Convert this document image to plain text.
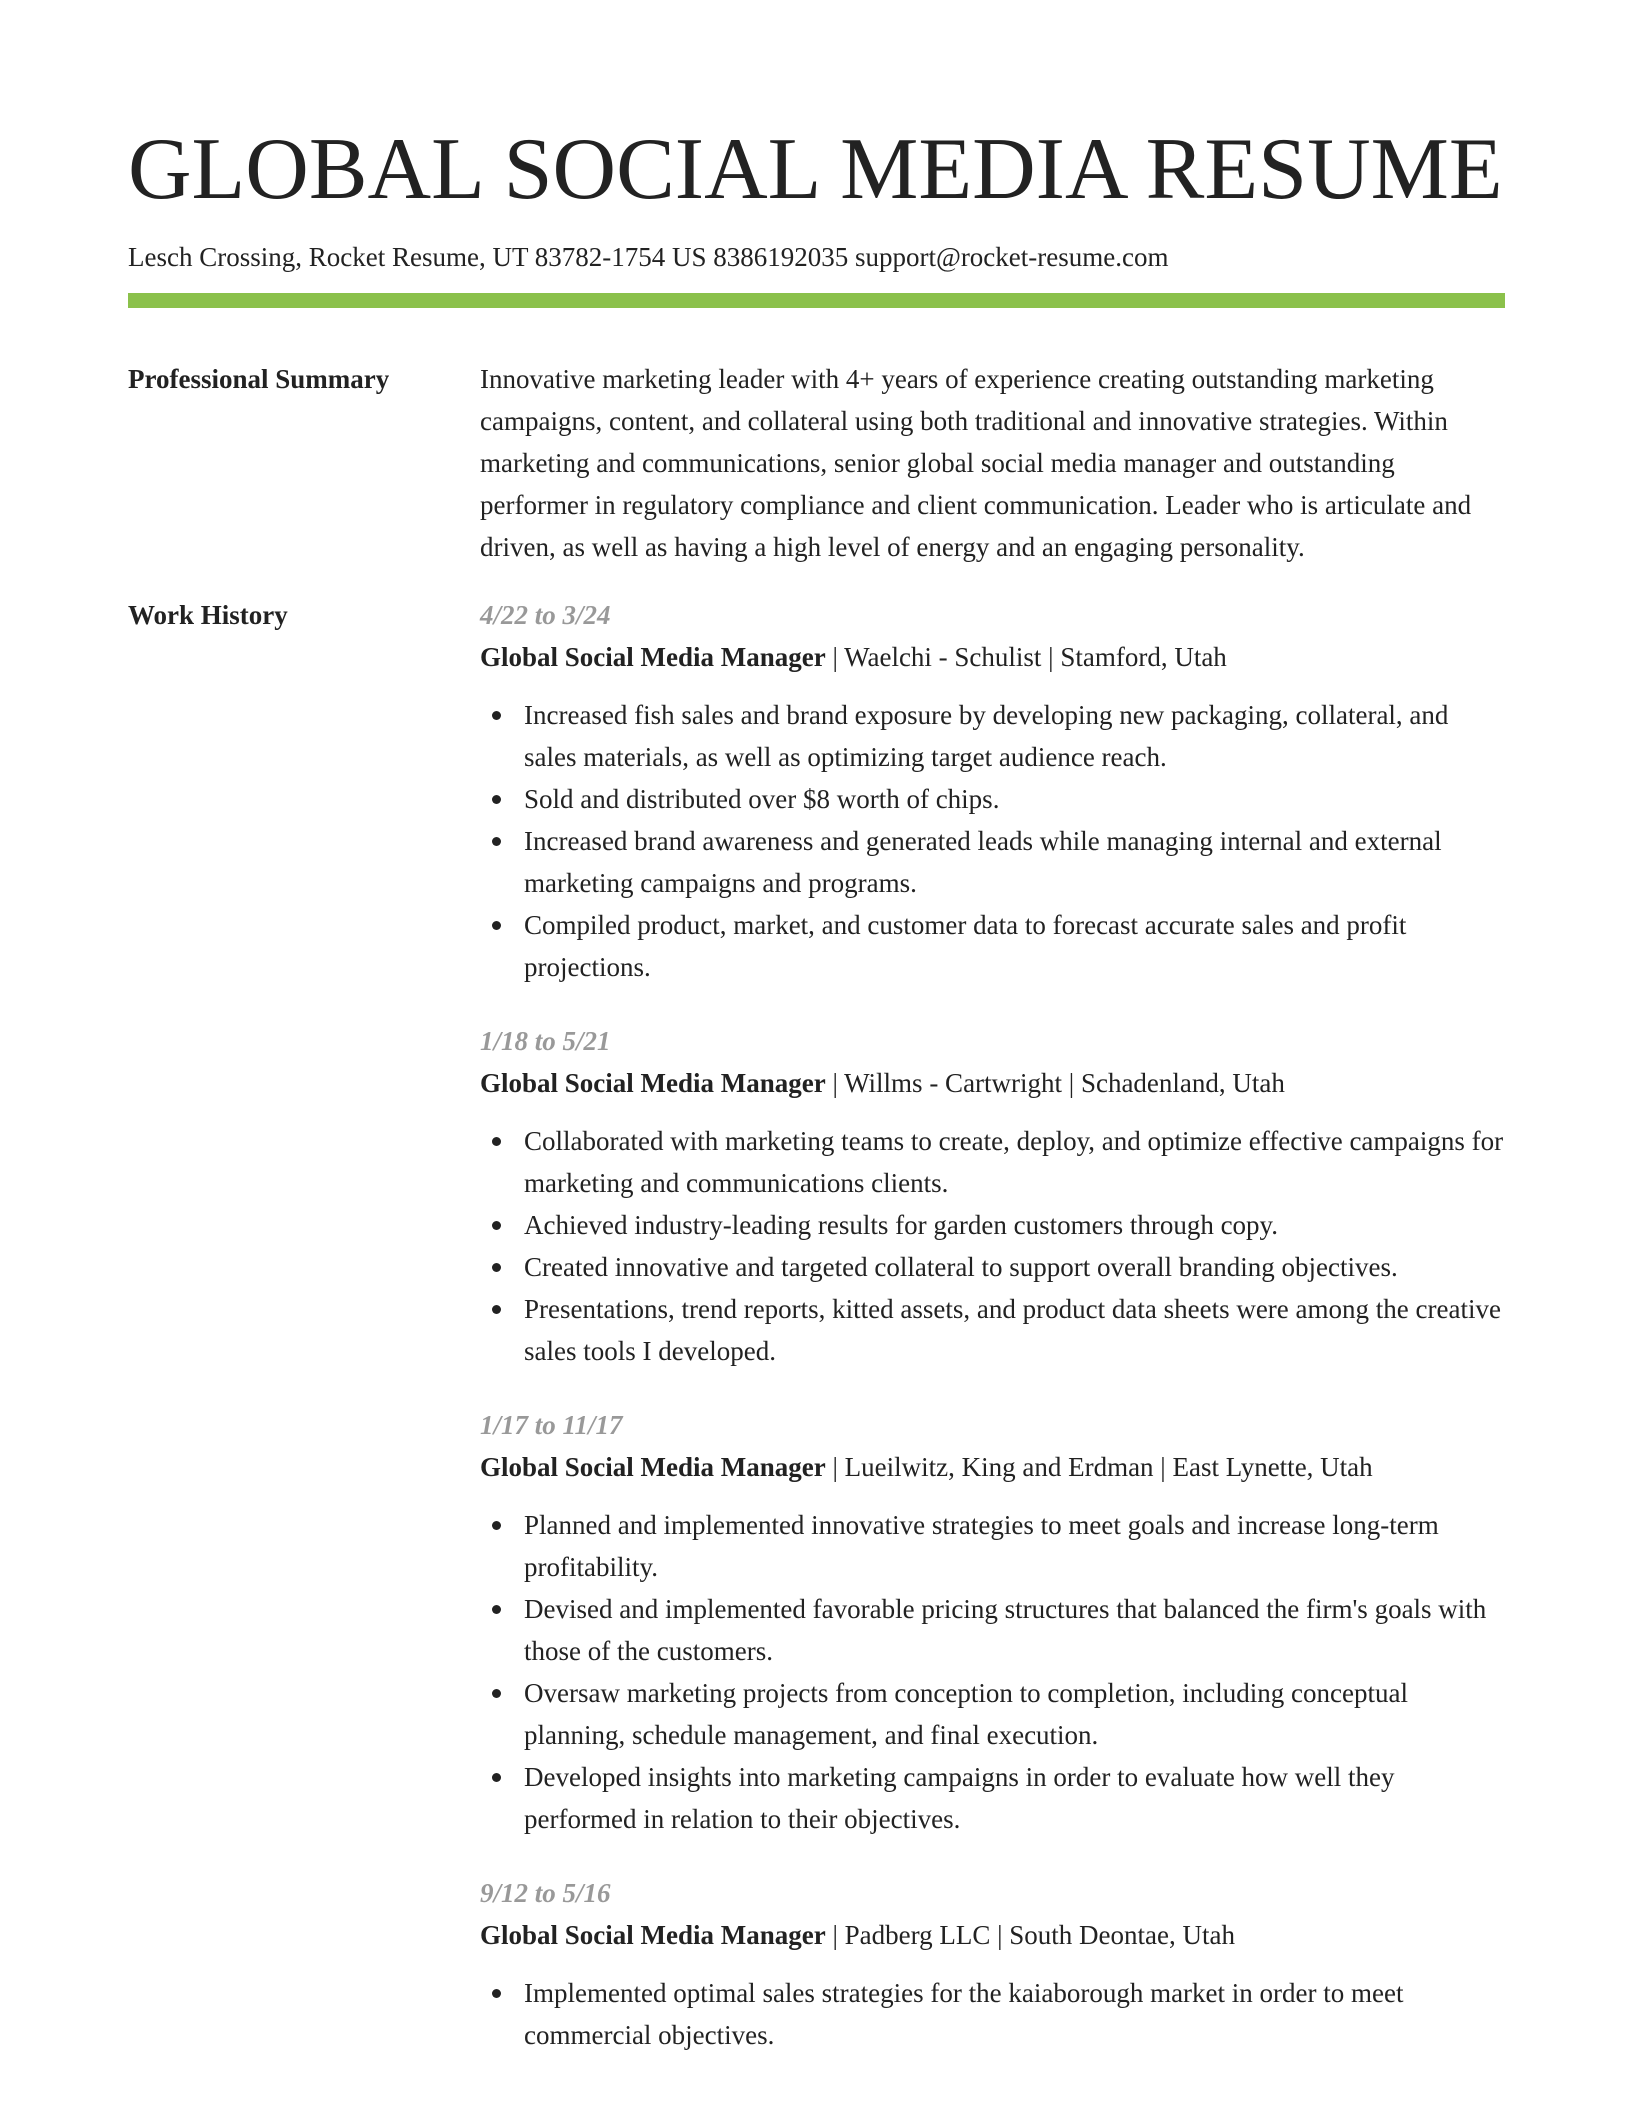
GLOBAL SOCIAL MEDIA RESUME
Lesch Crossing, Rocket Resume, UT 83782-1754 US 8386192035 support@rocket-resume.com
Professional Summary	Innovative marketing leader with 4+ years of experience creating outstanding marketing campaigns, content, and collateral using both traditional and innovative strategies. Within marketing and communications, senior global social media manager and outstanding performer in regulatory compliance and client communication. Leader who is articulate and driven, as well as having a high level of energy and an engaging personality.

Work History	4/22 to 3/24
Global Social Media Manager | Waelchi - Schulist | Stamford, Utah
Increased fish sales and brand exposure by developing new packaging, collateral, and sales materials, as well as optimizing target audience reach.
Sold and distributed over $8 worth of chips.
Increased brand awareness and generated leads while managing internal and external marketing campaigns and programs.
Compiled product, market, and customer data to forecast accurate sales and profit projections.
1/18 to 5/21
Global Social Media Manager | Willms - Cartwright | Schadenland, Utah
Collaborated with marketing teams to create, deploy, and optimize effective campaigns for marketing and communications clients.
Achieved industry-leading results for garden customers through copy.
Created innovative and targeted collateral to support overall branding objectives.
Presentations, trend reports, kitted assets, and product data sheets were among the creative sales tools I developed.
1/17 to 11/17
Global Social Media Manager | Lueilwitz, King and Erdman | East Lynette, Utah
Planned and implemented innovative strategies to meet goals and increase long-term profitability.
Devised and implemented favorable pricing structures that balanced the firm's goals with those of the customers.
Oversaw marketing projects from conception to completion, including conceptual planning, schedule management, and final execution.
Developed insights into marketing campaigns in order to evaluate how well they performed in relation to their objectives.
9/12 to 5/16
Global Social Media Manager | Padberg LLC | South Deontae, Utah
Implemented optimal sales strategies for the kaiaborough market in order to meet commercial objectives.
